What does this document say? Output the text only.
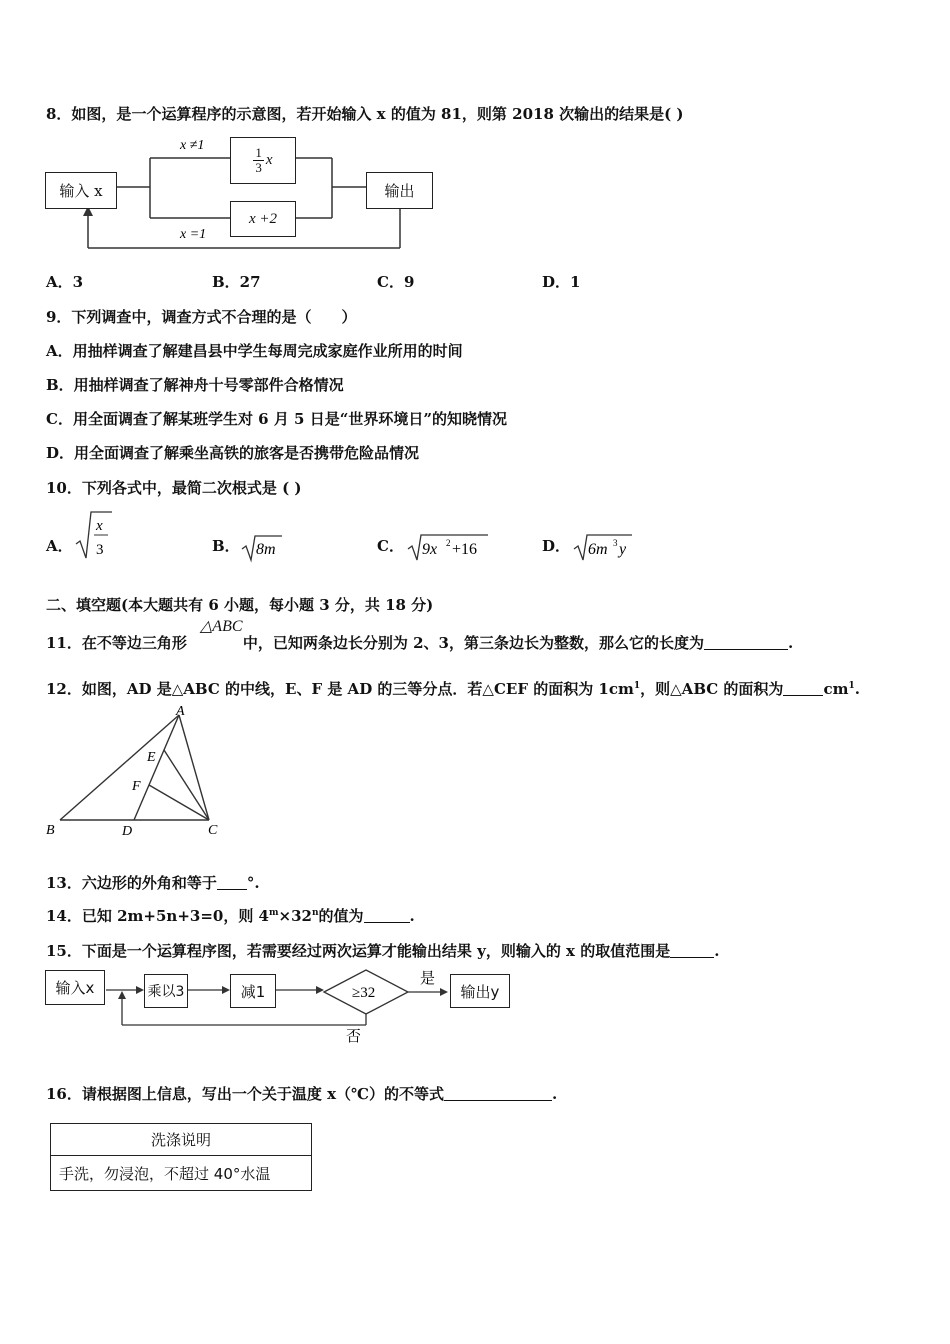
8．如图，是一个运算程序的示意图，若开始输入 x 的值为 81，则第 2018 次输出的结果是( )
x ≠1
x =1
输入 x
$\frac{1}{3}$ x
x +2
输出
A．3	B．27	C．9	D．1
9．下列调查中，调查方式不合理的是（　　）
A．用抽样调查了解建昌县中学生每周完成家庭作业所用的时间
B．用抽样调查了解神舟十号零部件合格情况
C．用全面调查了解某班学生对 6 月 5 日是“世界环境日”的知晓情况
D．用全面调查了解乘坐高铁的旅客是否携带危险品情况
10．下列各式中，最简二次根式是 ( )
A．
x
3	B． 8m	C． 9x 2 +16	D． 6m 3 y
二、填空题(本大题共有 6 小题，每小题 3 分，共 18 分)
11．在不等边三角形	中，已知两条边长分别为 2、3，第三条边长为整数，那么它的长度为	.
△ABC
12．如图，AD 是△ABC 的中线，E、F 是 AD 的三等分点．若△CEF 的面积为 $1cm^1$，则△ABC 的面积为	$cm^1$.
A
B	C
D
E
F
13．六边形的外角和等于 °.
14．已知 2m+5n+3=0，则 $4^m\times 32^n$的值为	.
15．下面是一个运算程序图，若需要经过两次运算才能输出结果 y，则输入的 x 的取值范围是	.
≥32
是
否
输入x	乘以3	减1	输出y
16．请根据图上信息，写出一个关于温度 x（℃）的不等式	.
洗涤说明
手洗，勿浸泡，不超过 40°水温
